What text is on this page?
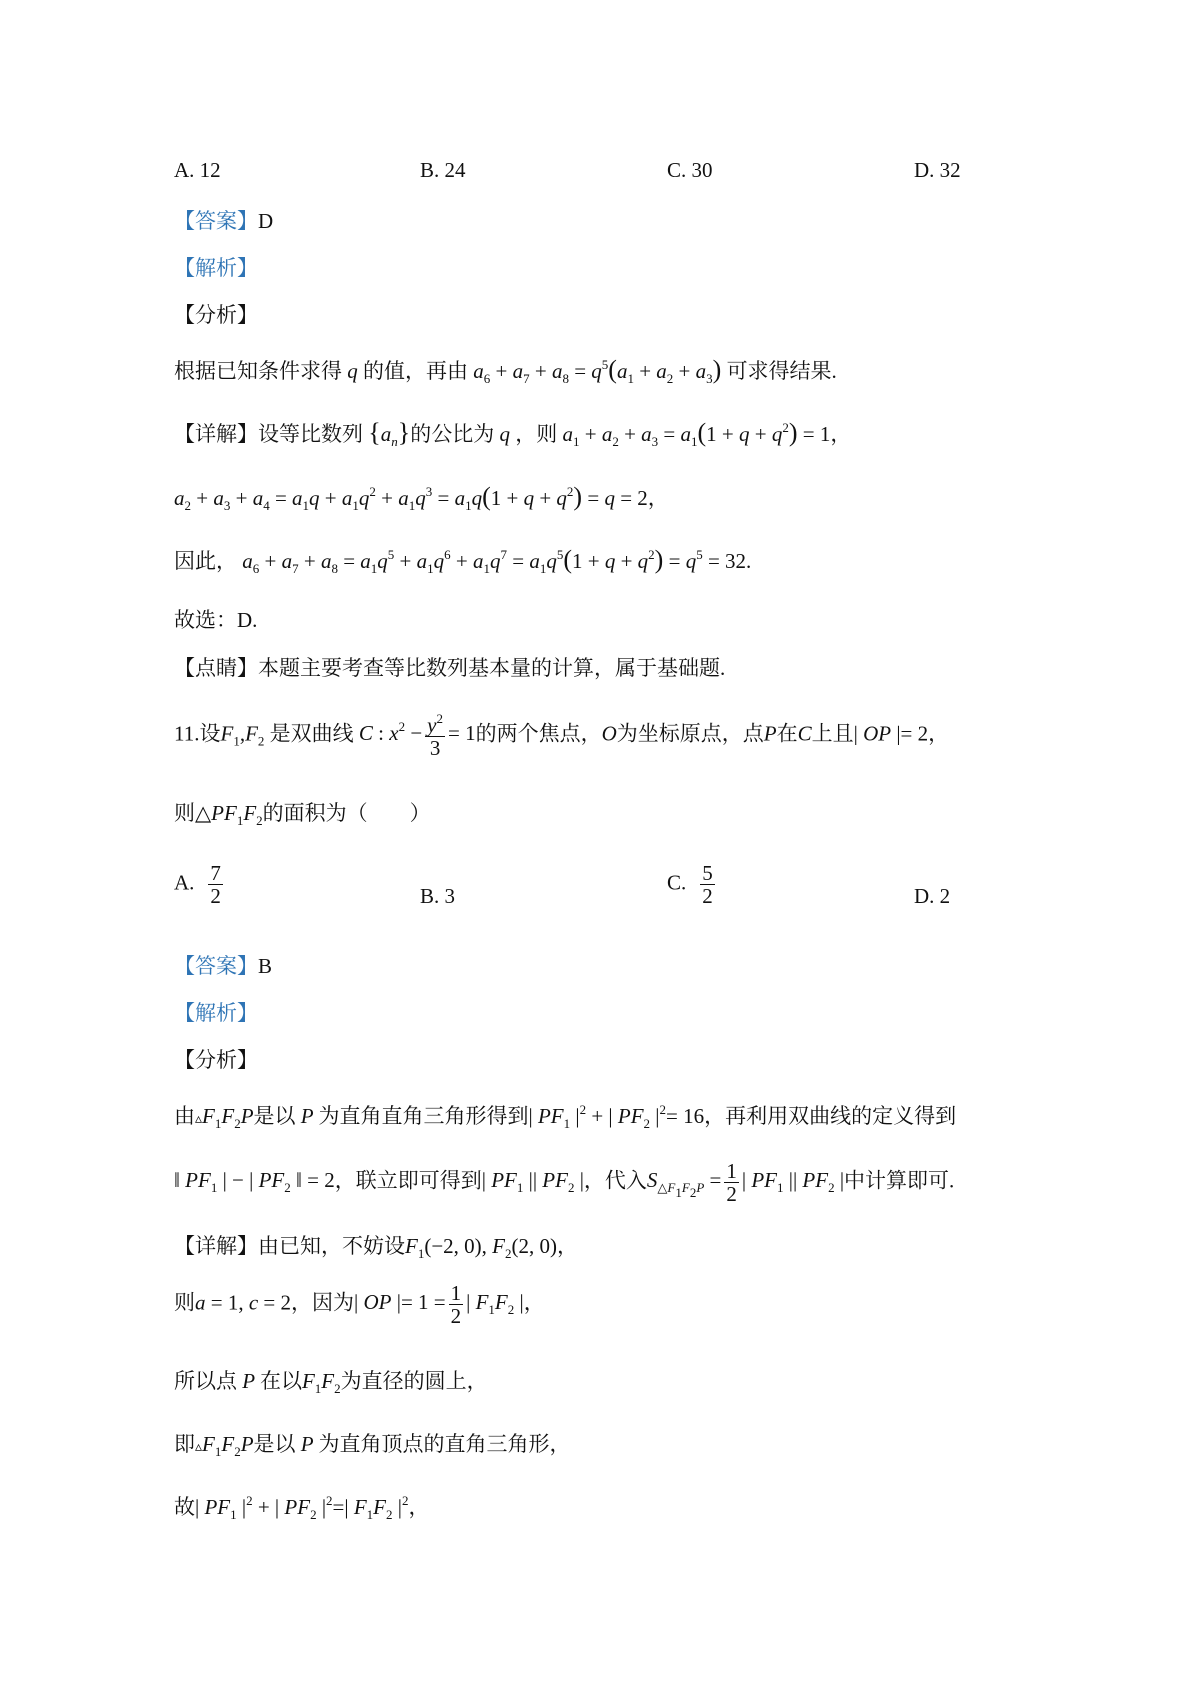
A. 12	B. 24	C. 30	D. 32
【答案】D
【解析】
【分析】
根据已知条件求得 q 的值，再由 $a_6 + a_7 + a_8 = q^5(a_1 + a_2 + a_3)$ 可求得结果.
【详解】设等比数列 $\{a_n\}$的公比为 q ，则 $a_1 + a_2 + a_3 = a_1(1 + q + q^2) = 1$，
$a_2 + a_3 + a_4 = a_1q + a_1q^2 + a_1q^3 = a_1q(1 + q + q^2) = q = 2$，
因此， $a_6 + a_7 + a_8 = a_1q^5 + a_1q^6 + a_1q^7 = a_1q^5(1 + q + q^2) = q^5 = 32$.
故选：D.
【点睛】本题主要考查等比数列基本量的计算，属于基础题.
11.设$F_1,F_2$ 是双曲线 C : $x^2 - \frac{y^2}{3} = 1$的两个焦点，O为坐标原点，点P在C上且| OP |= 2，
则$\triangle PF_1F_2$的面积为（　　）
A. $\frac{7}{2}$	B. 3
C. $\frac{5}{2}$	D. 2
【答案】B
【解析】
【分析】
由$▵F_1F_2P$是以 P 为直角直角三角形得到| $PF_1$ $|^2$ + | $PF_2$ $|^2= 16$，再利用双曲线的定义得到
‖ $PF_1$ | − | $PF_2$ ‖ = 2，联立即可得到| $PF_1$ || $PF_2$ |，代入$S_{\triangle F_1F_2P} = \frac{1}{2}$ | $PF_1$ || $PF_2$ |中计算即可.
【详解】由已知，不妨设$F_1(-2$, 0), $F_2(2$, 0)，
则a = 1, c = 2，因为| OP |= $1 = \frac{1}{2}$ | $F_1F_2$ |，
所以点 P 在以$F_1F_2$为直径的圆上，
即$▵F_1F_2P$是以 P 为直角顶点的直角三角形，
故| $PF_1$ $|^2$ + | $PF_2$ $|^2=|$ $F_1F_2$ $|^2$，
